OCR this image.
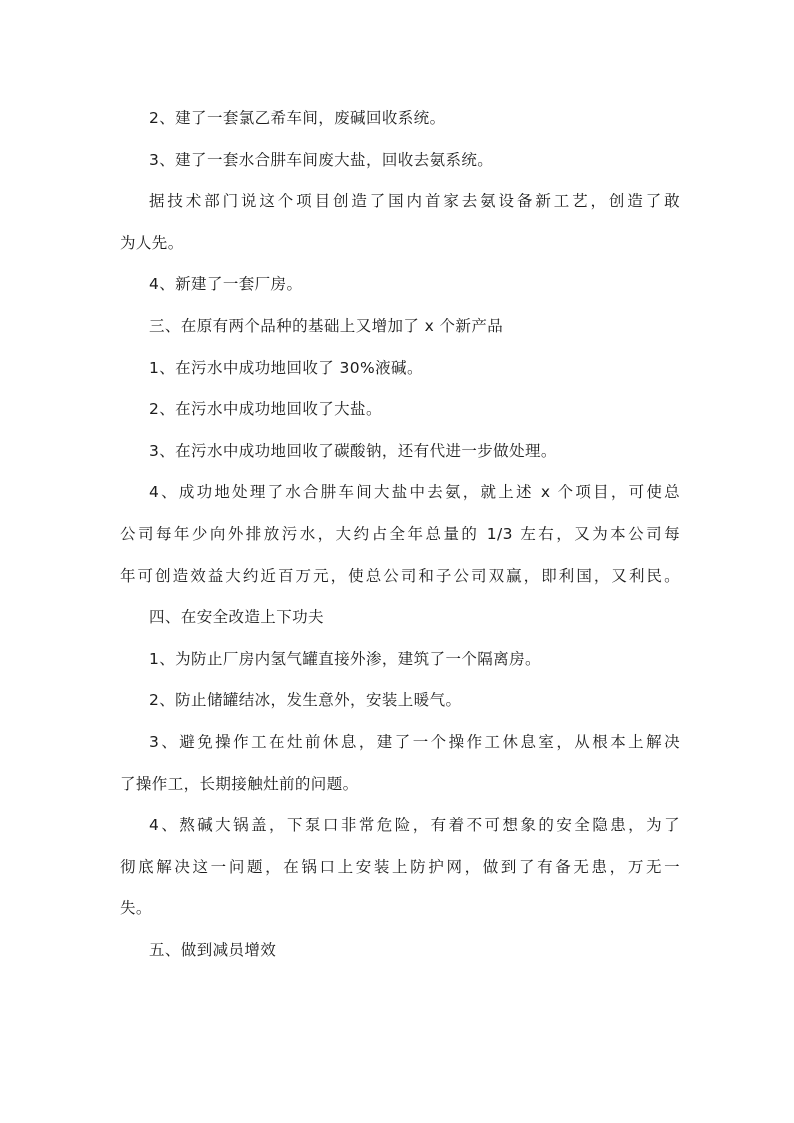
2、建了一套氯乙希车间，废碱回收系统。

3、建了一套水合肼车间废大盐，回收去氨系统。

据技术部门说这个项目创造了国内首家去氨设备新工艺，创造了敢

为人先。

4、新建了一套厂房。

三、在原有两个品种的基础上又增加了 x 个新产品

1、在污水中成功地回收了 30%液碱。

2、在污水中成功地回收了大盐。

3、在污水中成功地回收了碳酸钠，还有代进一步做处理。

4、成功地处理了水合肼车间大盐中去氨，就上述 x 个项目，可使总

公司每年少向外排放污水，大约占全年总量的 1/3 左右，又为本公司每

年可创造效益大约近百万元，使总公司和子公司双赢，即利国，又利民。

四、在安全改造上下功夫

1、为防止厂房内氢气罐直接外渗，建筑了一个隔离房。

2、防止储罐结冰，发生意外，安装上暖气。

3、避免操作工在灶前休息，建了一个操作工休息室，从根本上解决

了操作工，长期接触灶前的问题。

4、熬碱大锅盖，下泵口非常危险，有着不可想象的安全隐患，为了

彻底解决这一问题，在锅口上安装上防护网，做到了有备无患，万无一

失。

五、做到减员增效
